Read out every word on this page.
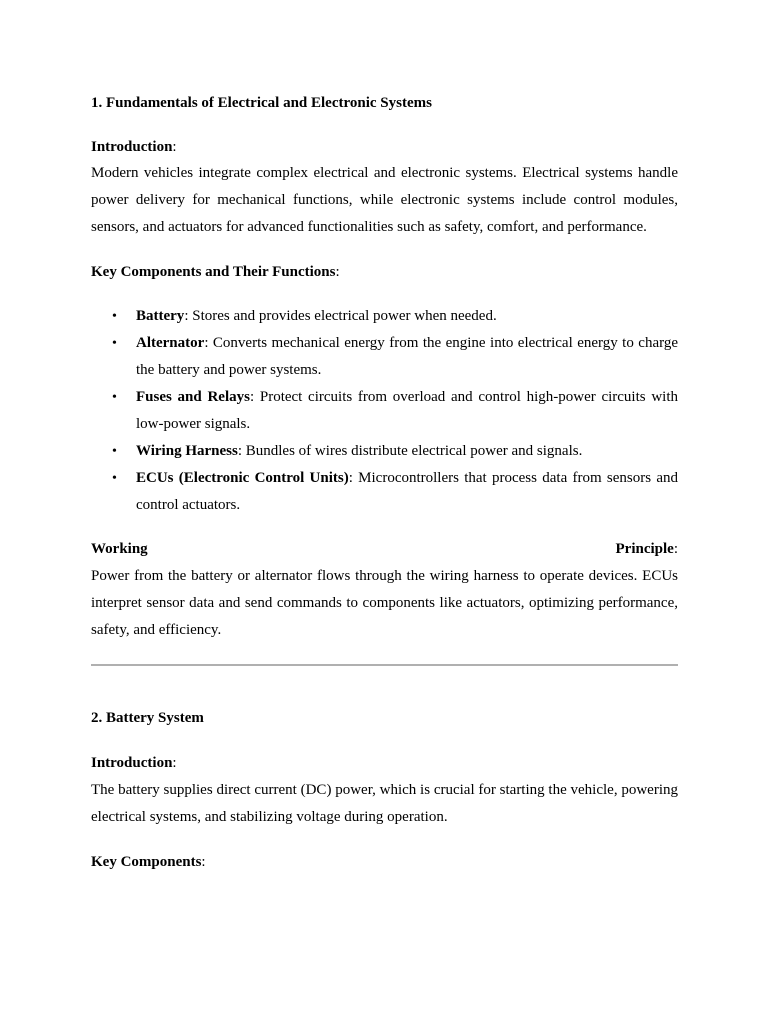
1. Fundamentals of Electrical and Electronic Systems
Introduction:

Modern vehicles integrate complex electrical and electronic systems. Electrical systems handle power delivery for mechanical functions, while electronic systems include control modules, sensors, and actuators for advanced functionalities such as safety, comfort, and performance.

Key Components and Their Functions:
• Battery: Stores and provides electrical power when needed.
• Alternator: Converts mechanical energy from the engine into electrical energy to charge the battery and power systems.
• Fuses and Relays: Protect circuits from overload and control high-power circuits with low-power signals.
• Wiring Harness: Bundles of wires distribute electrical power and signals.
• ECUs (Electronic Control Units): Microcontrollers that process data from sensors and control actuators.
Working	Principle:

Power from the battery or alternator flows through the wiring harness to operate devices. ECUs interpret sensor data and send commands to components like actuators, optimizing performance, safety, and efficiency.

2. Battery System
Introduction:

The battery supplies direct current (DC) power, which is crucial for starting the vehicle, powering electrical systems, and stabilizing voltage during operation.

Key Components:
